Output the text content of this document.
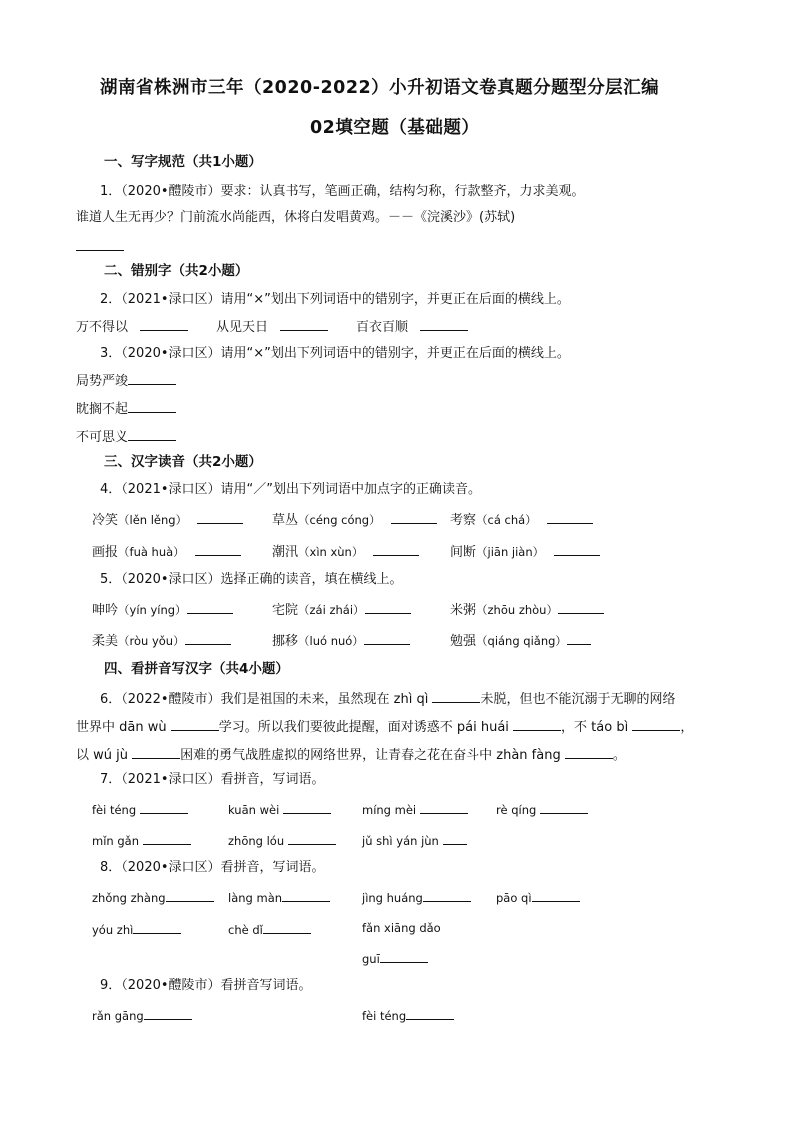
湖南省株洲市三年（2020-2022）小升初语文卷真题分题型分层汇编
02填空题（基础题）
一、写字规范（共1小题）
1．（2020•醴陵市）要求：认真书写，笔画正确，结构匀称，行款整齐，力求美观。
谁道人生无再少？门前流水尚能西，休将白发唱黄鸡。－－《浣溪沙》(苏轼)
二、错别字（共2小题）
2．（2021•渌口区）请用“×”划出下列词语中的错别字，并更正在后面的横线上。
万不得以	从见天日	百衣百顺
3．（2020•渌口区）请用“×”划出下列词语中的错别字，并更正在后面的横线上。
局势严竣
眈搁不起
不可思义
三、汉字读音（共2小题）
4．（2021•渌口区）请用“／”划出下列词语中加点字的正确读音。
冷笑（lěn lěng）	草丛（céng cóng）	考察（cá chá）
画报（fuà huà）	潮汛（xìn xùn）	间断（jiān jiàn）
5．（2020•渌口区）选择正确的读音，填在横线上。
呻吟（yín yíng）	宅院（zái zhái）	米粥（zhōu zhòu）
柔美（ròu yǒu）	挪移（luó nuó）	勉强（qiáng qiǎng）
四、看拼音写汉字（共4小题）
6．（2022•醴陵市）我们是祖国的未来，虽然现在 zhì qì	未脱，但也不能沉溺于无聊的网络
世界中 dān wù	学习。所以我们要彼此提醒，面对诱惑不 pái huái	，不 táo bì	，
以 wú jù	困难的勇气战胜虚拟的网络世界，让青春之花在奋斗中 zhàn fàng	。
7．（2021•渌口区）看拼音，写词语。
fèi téng	kuān wèi	míng mèi	rè qíng
mǐn gǎn	zhōng lóu	jǔ shì yán jùn
8．（2020•渌口区）看拼音，写词语。
zhǒng zhàng	làng màn	jìng huáng	pāo qì
yóu zhì	chè dǐ	fǎn xiāng dǎo
guī
9．（2020•醴陵市）看拼音写词语。
rǎn gāng	fèi téng
